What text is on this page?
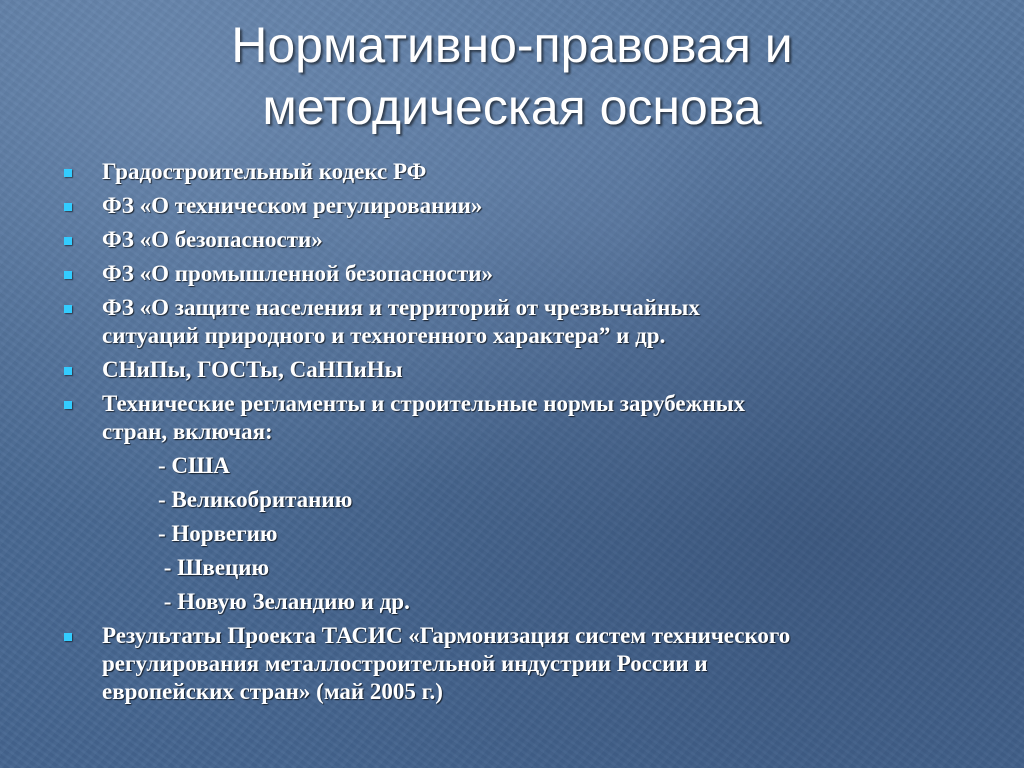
Нормативно-правовая и
методическая основа
Градостроительный кодекс РФ
ФЗ «О техническом регулировании»
ФЗ «О безопасности»
ФЗ «О промышленной безопасности»
ФЗ «О защите населения и территорий от чрезвычайных
ситуаций природного и техногенного характера” и др.
СНиПы, ГОСТы, СаНПиНы
Технические регламенты и строительные нормы зарубежных
стран, включая:
- США
- Великобританию
- Норвегию
- Швецию
- Новую Зеландию и др.
Результаты Проекта ТАСИС «Гармонизация систем технического
регулирования металлостроительной индустрии России и
европейских стран» (май 2005 г.)
